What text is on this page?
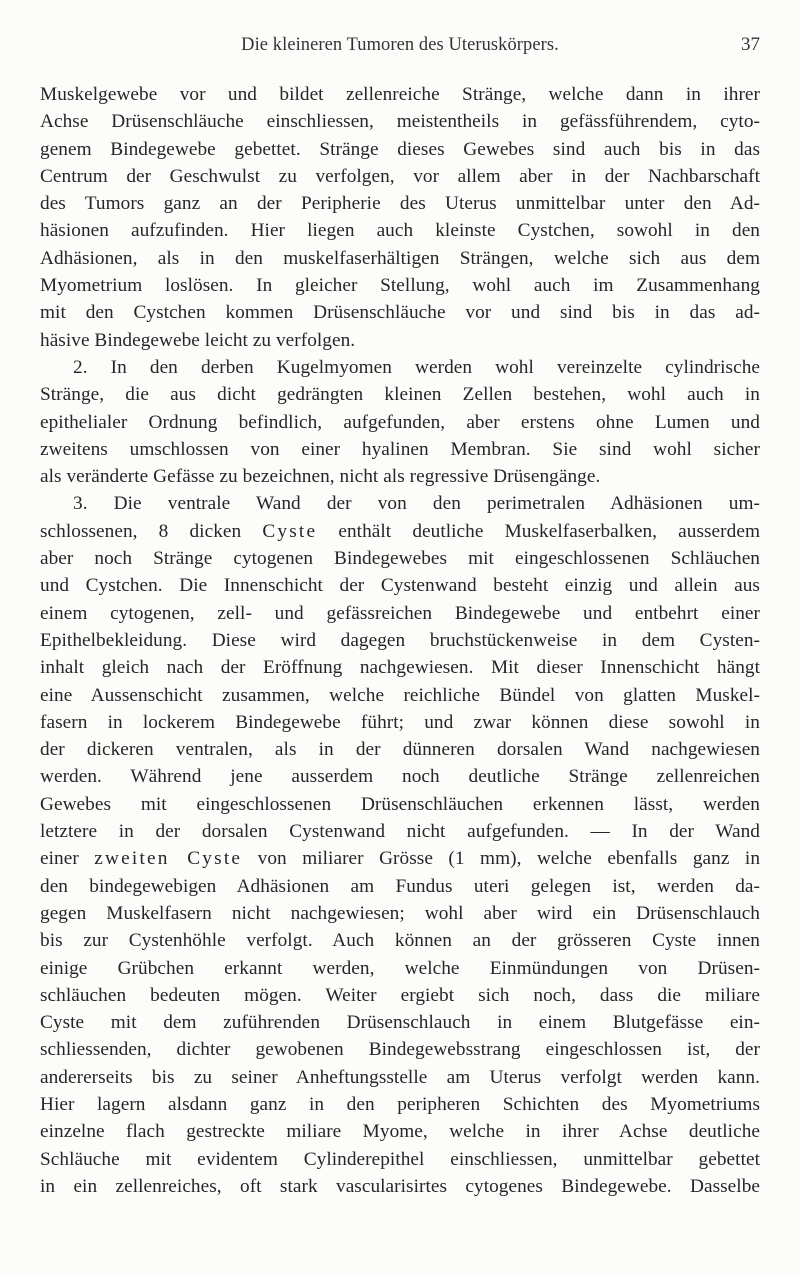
Die kleineren Tumoren des Uteruskörpers.	37
Muskelgewebe vor und bildet zellenreiche Stränge, welche dann in ihrer
Achse Drüsenschläuche einschliessen, meistentheils in gefässführendem, cyto-
genem Bindegewebe gebettet. Stränge dieses Gewebes sind auch bis in das
Centrum der Geschwulst zu verfolgen, vor allem aber in der Nachbarschaft
des Tumors ganz an der Peripherie des Uterus unmittelbar unter den Ad-
häsionen aufzufinden. Hier liegen auch kleinste Cystchen, sowohl in den
Adhäsionen, als in den muskelfaserhältigen Strängen, welche sich aus dem
Myometrium loslösen. In gleicher Stellung, wohl auch im Zusammenhang
mit den Cystchen kommen Drüsenschläuche vor und sind bis in das ad-
häsive Bindegewebe leicht zu verfolgen.
2. In den derben Kugelmyomen werden wohl vereinzelte cylindrische
Stränge, die aus dicht gedrängten kleinen Zellen bestehen, wohl auch in
epithelialer Ordnung befindlich, aufgefunden, aber erstens ohne Lumen und
zweitens umschlossen von einer hyalinen Membran. Sie sind wohl sicher
als veränderte Gefässe zu bezeichnen, nicht als regressive Drüsengänge.
3. Die ventrale Wand der von den perimetralen Adhäsionen um-
schlossenen, 8 dicken Cyste enthält deutliche Muskelfaserbalken, ausserdem
aber noch Stränge cytogenen Bindegewebes mit eingeschlossenen Schläuchen
und Cystchen. Die Innenschicht der Cystenwand besteht einzig und allein aus
einem cytogenen, zell- und gefässreichen Bindegewebe und entbehrt einer
Epithelbekleidung. Diese wird dagegen bruchstückenweise in dem Cysten-
inhalt gleich nach der Eröffnung nachgewiesen. Mit dieser Innenschicht hängt
eine Aussenschicht zusammen, welche reichliche Bündel von glatten Muskel-
fasern in lockerem Bindegewebe führt; und zwar können diese sowohl in
der dickeren ventralen, als in der dünneren dorsalen Wand nachgewiesen
werden. Während jene ausserdem noch deutliche Stränge zellenreichen
Gewebes mit eingeschlossenen Drüsenschläuchen erkennen lässt, werden
letztere in der dorsalen Cystenwand nicht aufgefunden. — In der Wand
einer zweiten Cyste von miliarer Grösse (1 mm), welche ebenfalls ganz in
den bindegewebigen Adhäsionen am Fundus uteri gelegen ist, werden da-
gegen Muskelfasern nicht nachgewiesen; wohl aber wird ein Drüsenschlauch
bis zur Cystenhöhle verfolgt. Auch können an der grösseren Cyste innen
einige Grübchen erkannt werden, welche Einmündungen von Drüsen-
schläuchen bedeuten mögen. Weiter ergiebt sich noch, dass die miliare
Cyste mit dem zuführenden Drüsenschlauch in einem Blutgefässe ein-
schliessenden, dichter gewobenen Bindegewebsstrang eingeschlossen ist, der
andererseits bis zu seiner Anheftungsstelle am Uterus verfolgt werden kann.
Hier lagern alsdann ganz in den peripheren Schichten des Myometriums
einzelne flach gestreckte miliare Myome, welche in ihrer Achse deutliche
Schläuche mit evidentem Cylinderepithel einschliessen, unmittelbar gebettet
in ein zellenreiches, oft stark vascularisirtes cytogenes Bindegewebe. Dasselbe
